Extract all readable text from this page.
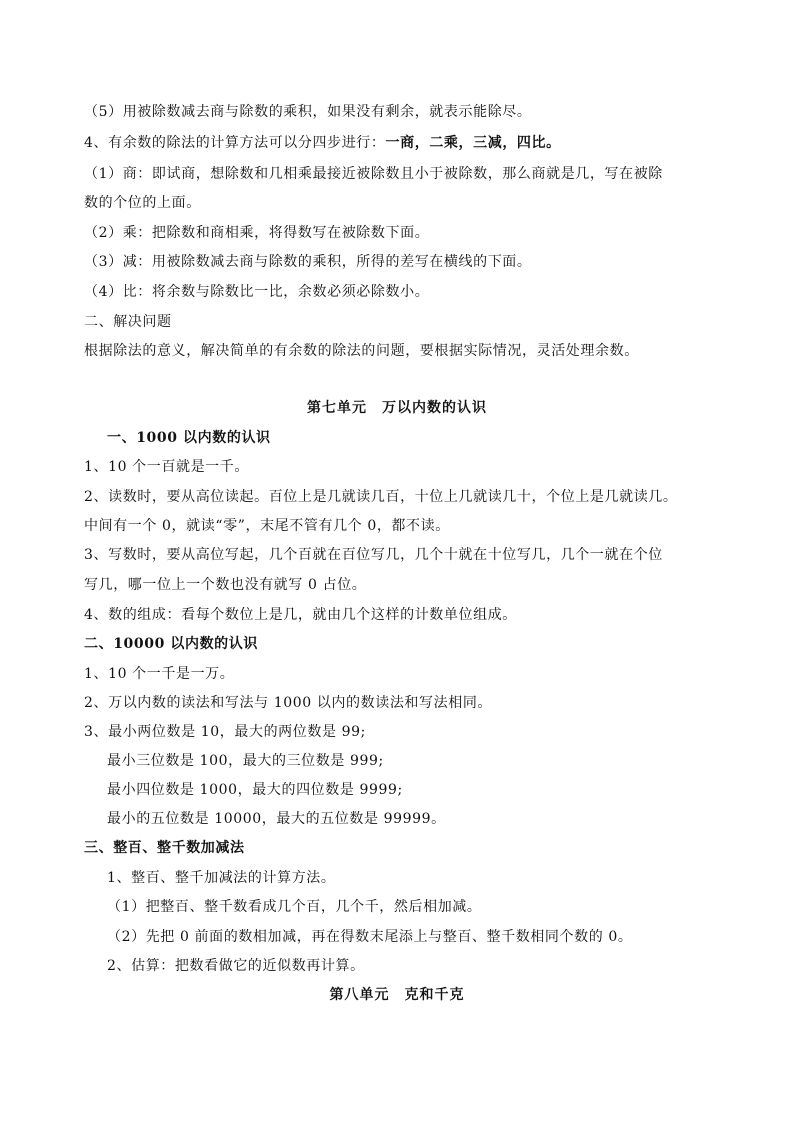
（5）用被除数减去商与除数的乘积，如果没有剩余，就表示能除尽。
4、有余数的除法的计算方法可以分四步进行：一商，二乘，三减，四比。
（1）商：即试商，想除数和几相乘最接近被除数且小于被除数，那么商就是几，写在被除
数的个位的上面。
（2）乘：把除数和商相乘，将得数写在被除数下面。
（3）减：用被除数减去商与除数的乘积，所得的差写在横线的下面。
（4）比：将余数与除数比一比，余数必须必除数小。
二、解决问题
根据除法的意义，解决简单的有余数的除法的问题，要根据实际情况，灵活处理余数。
第七单元　万以内数的认识
一、1000 以内数的认识
1、10 个一百就是一千。
2、读数时，要从高位读起。百位上是几就读几百，十位上几就读几十，个位上是几就读几。
中间有一个 0，就读“零”，末尾不管有几个 0，都不读。
3、写数时，要从高位写起，几个百就在百位写几，几个十就在十位写几，几个一就在个位
写几，哪一位上一个数也没有就写 0 占位。
4、数的组成：看每个数位上是几，就由几个这样的计数单位组成。
二、10000 以内数的认识
1、10 个一千是一万。
2、万以内数的读法和写法与 1000 以内的数读法和写法相同。
3、最小两位数是 10，最大的两位数是 99;
最小三位数是 100，最大的三位数是 999;
最小四位数是 1000，最大的四位数是 9999;
最小的五位数是 10000，最大的五位数是 99999。
三、整百、整千数加减法
1、整百、整千加减法的计算方法。
（1）把整百、整千数看成几个百，几个千，然后相加减。
（2）先把 0 前面的数相加减，再在得数末尾添上与整百、整千数相同个数的 0。
2、估算：把数看做它的近似数再计算。
第八单元　克和千克
